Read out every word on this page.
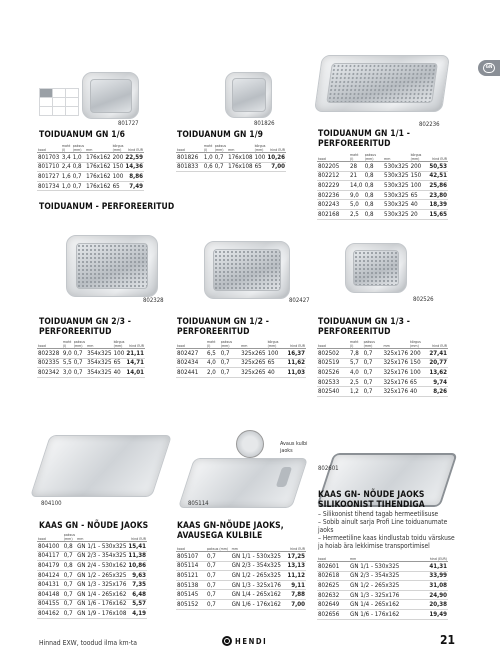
GN
801727	801826	802236
TOIDUANUM GN 1/6
kood	maht (l)	paksus (mm)	mm	kõrgus (mm)	hind EUR
801703	3,4	1,0	176x162	200	22,59
801710	2,4	0,8	176x162	150	14,36
801727	1,6	0,7	176x162	100	8,86
801734	1,0	0,7	176x162	65	7,49
TOIDUANUM GN 1/9
kood	maht (l)	paksus (mm)	mm	kõrgus (mm)	hind EUR
801826	1,0	0,7	176x108	100	10,26
801833	0,6	0,7	176x108	65	7,00
TOIDUANUM GN 1/1 - PERFOREERITUD
kood	maht (l)	paksus (mm)	mm	kõrgus (mm)	hind EUR
802205	28	0,8	530x325	200	50,53
802212	21	0,8	530x325	150	42,51
802229	14,0	0,8	530x325	100	25,86
802236	9,0	0,8	530x325	65	23,80
802243	5,0	0,8	530x325	40	18,39
802168	2,5	0,8	530x325	20	15,65
TOIDUANUM - PERFOREERITUD
802328	802427	802526
TOIDUANUM GN 2/3 - PERFOREERITUD
kood	maht (l)	paksus (mm)	mm	kõrgus (mm)	hind EUR
802328	9,0	0,7	354x325	100	21,11
802335	5,5	0,7	354x325	65	14,71
802342	3,0	0,7	354x325	40	14,01
TOIDUANUM GN 1/2 - PERFOREERITUD
kood	maht (l)	paksus (mm)	mm	kõrgus (mm)	hind EUR
802427	6,5	0,7	325x265	100	16,37
802434	4,0	0,7	325x265	65	11,62
802441	2,0	0,7	325x265	40	11,03
TOIDUANUM GN 1/3 - PERFOREERITUD
kood	maht (l)	paksus (mm)	mm	kõrgus (mm)	hind EUR
802502	7,8	0,7	325x176	200	27,41
802519	5,7	0,7	325x176	150	20,77
802526	4,0	0,7	325x176	100	13,62
802533	2,5	0,7	325x176	65	9,74
802540	1,2	0,7	325x176	40	8,26
804100	805114
Avaus kulbi jaoks
802601
KAAS GN - NÕUDE JAOKS
kood	paksus (mm)	mm	hind EUR
804100	0,8	GN 1/1 - 530x325	15,41
804117	0,7	GN 2/3 - 354x325	11,38
804179	0,8	GN 2/4 - 530x162	10,86
804124	0,7	GN 1/2 - 265x325	9,63
804131	0,7	GN 1/3 - 325x176	7,35
804148	0,7	GN 1/4 - 265x162	6,48
804155	0,7	GN 1/6 - 176x162	5,57
804162	0,7	GN 1/9 - 176x108	4,19
KAAS GN-NÕUDE JAOKS, AVAUSEGA KULBILE
kood	paksus (mm)	mm	hind EUR
805107	0,7	GN 1/1 - 530x325	17,25
805114	0,7	GN 2/3 - 354x325	13,13
805121	0,7	GN 1/2 - 265x325	11,12
805138	0,7	GN 1/3 - 325x176	9,11
805145	0,7	GN 1/4 - 265x162	7,88
805152	0,7	GN 1/6 - 176x162	7,00
KAAS GN- NÕUDE JAOKS SILIKOONIST TIHENDIGA
– Silikoonist tihend tagab hermeetilisuse
– Sobib ainult sarja Profi Line toiduanumate jaoks
– Hermeetiline kaas kindlustab toidu värskuse ja hoiab ära lekkimise transportimisel
kood	mm	hind (EUR)
802601	GN 1/1 - 530x325	41,31
802618	GN 2/3 - 354x325	33,99
802625	GN 1/2 - 265x325	31,08
802632	GN 1/3 - 325x176	24,90
802649	GN 1/4 - 265x162	20,38
802656	GN 1/6 - 176x162	19,49
Hinnad EXW, toodud ilma km-ta	HENDI	21
